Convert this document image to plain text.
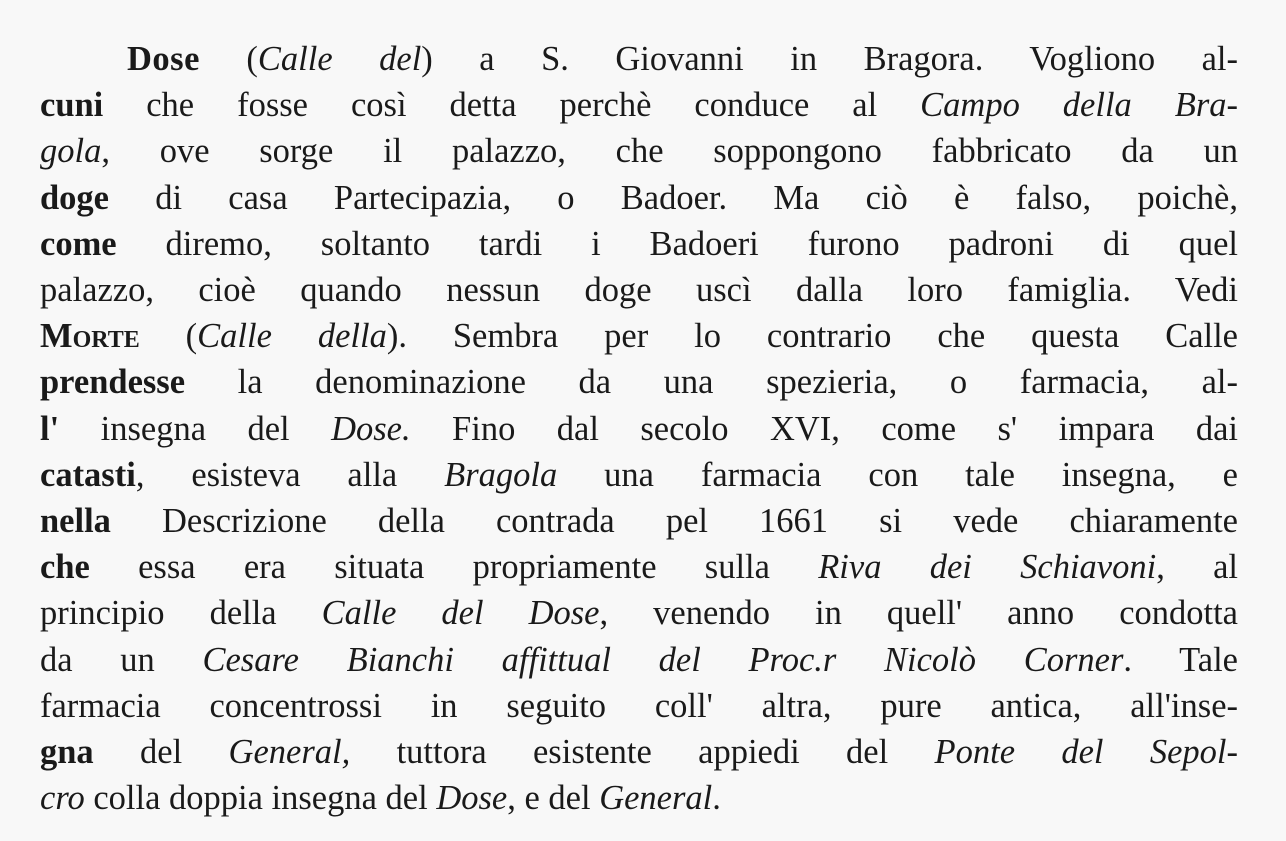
Dose (Calle del) a S. Giovanni in Bragora. Vogliono al-
cuni che fosse così detta perchè conduce al Campo della Bra-
gola, ove sorge il palazzo, che soppongono fabbricato da un
doge di casa Partecipazia, o Badoer. Ma ciò è falso, poichè,
come diremo, soltanto tardi i Badoeri furono padroni di quel
palazzo, cioè quando nessun doge uscì dalla loro famiglia. Vedi
Morte (Calle della). Sembra per lo contrario che questa Calle
prendesse la denominazione da una spezieria, o farmacia, al-
l' insegna del Dose. Fino dal secolo XVI, come s' impara dai
catasti, esisteva alla Bragola una farmacia con tale insegna, e
nella Descrizione della contrada pel 1661 si vede chiaramente
che essa era situata propriamente sulla Riva dei Schiavoni, al
principio della Calle del Dose, venendo in quell' anno condotta
da un Cesare Bianchi affittual del Proc.r Nicolò Corner. Tale
farmacia concentrossi in seguito coll' altra, pure antica, all'inse-
gna del General, tuttora esistente appiedi del Ponte del Sepol-
cro colla doppia insegna del Dose, e del General.
